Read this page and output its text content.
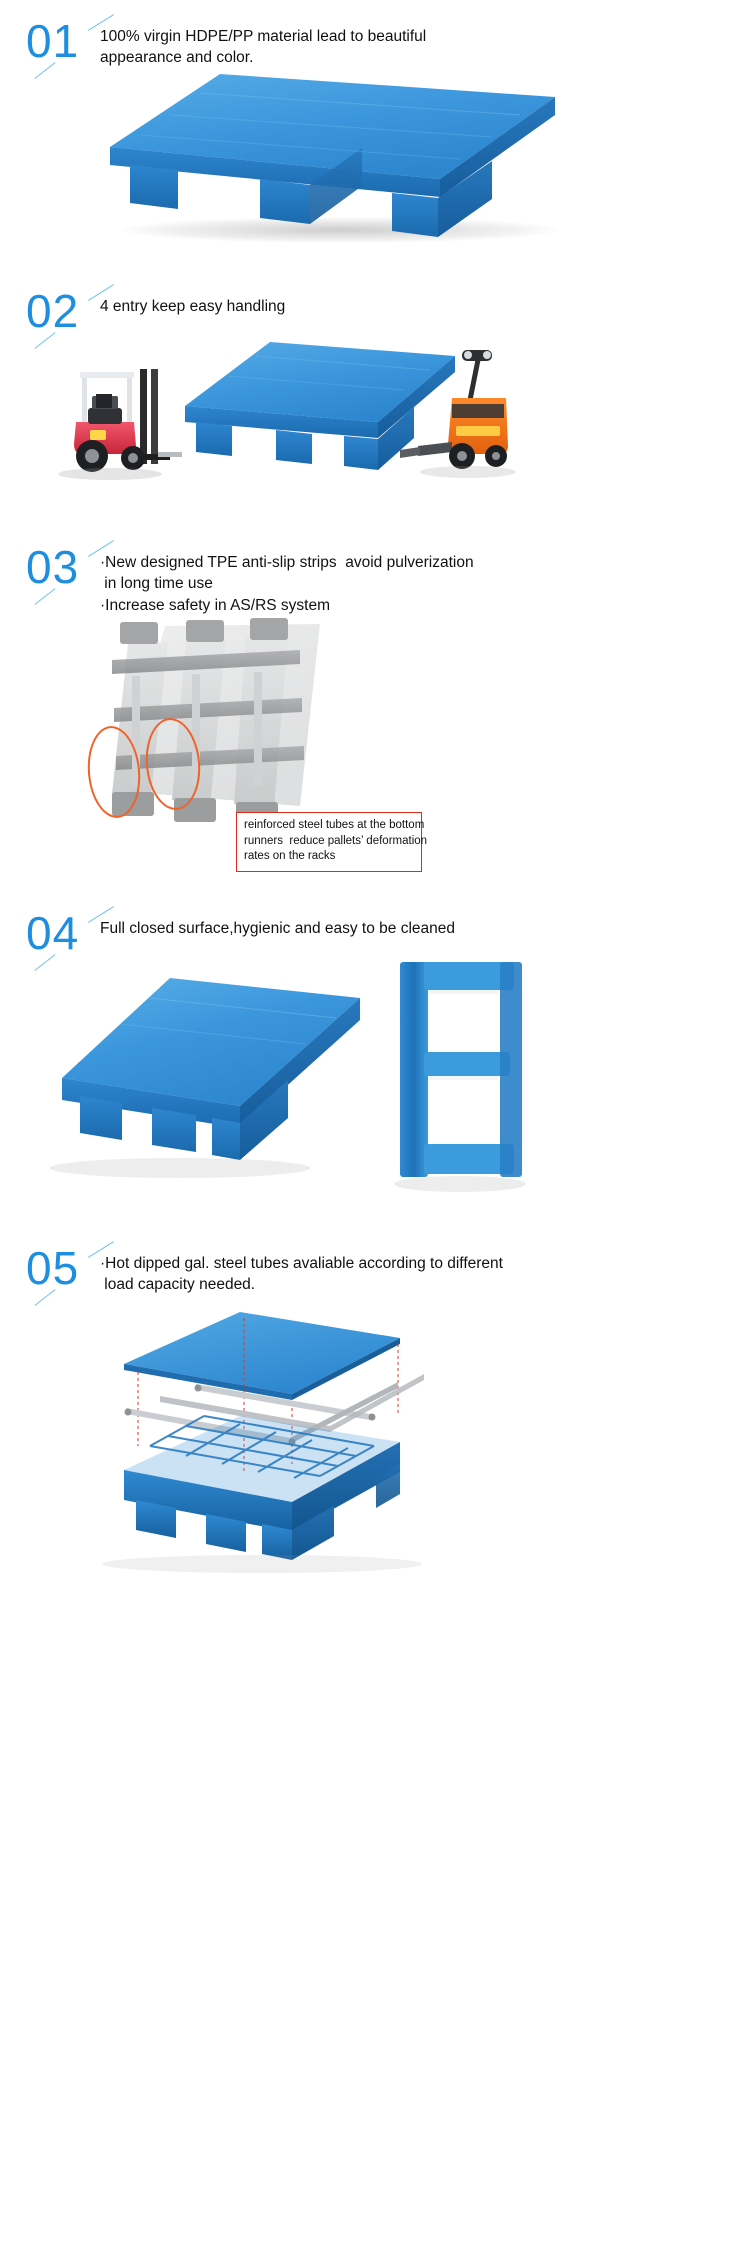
01	100% virgin HDPE/PP material lead to beautiful
appearance and color.
02	4 entry keep easy handling
03	·New designed TPE anti-slip strips  avoid pulverization
in long time use
·Increase safety in AS/RS system
reinforced steel tubes at the bottom
runners  reduce pallets’ deformation
rates on the racks
04	Full closed surface,hygienic and easy to be cleaned
05	·Hot dipped gal. steel tubes avaliable according to different
load capacity needed.
